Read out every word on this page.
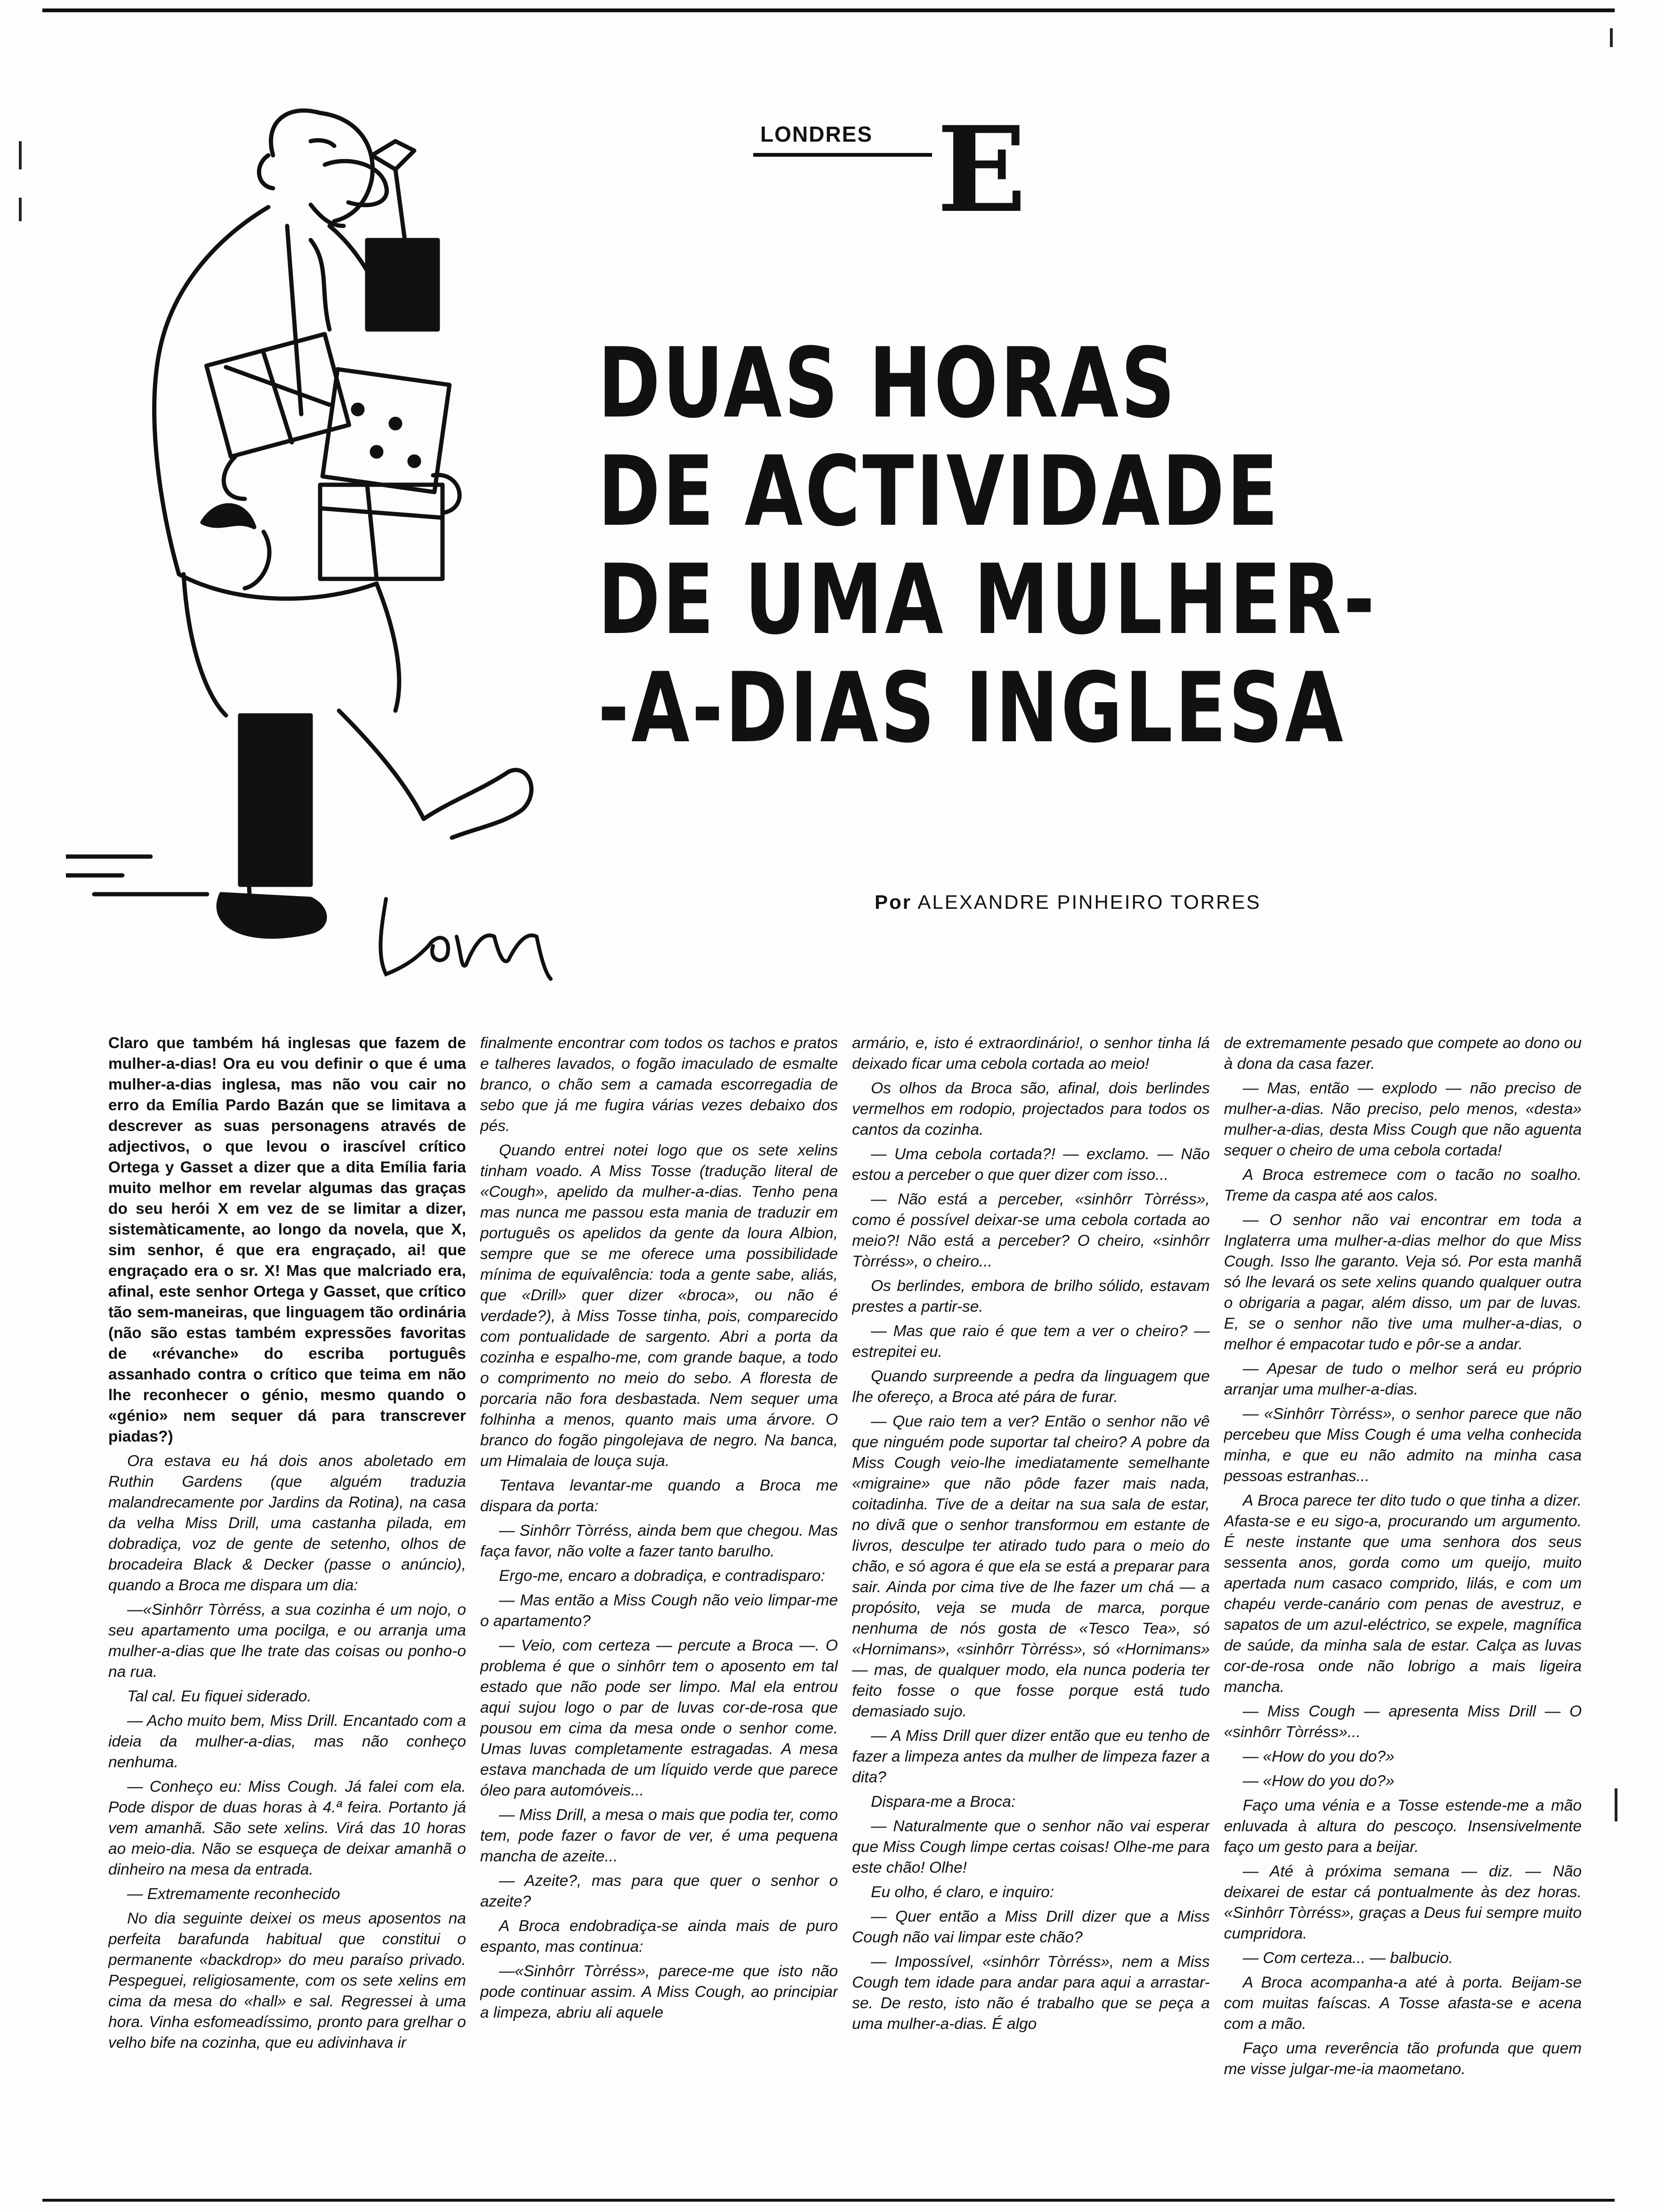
LONDRES E
DUAS HORAS
DE ACTIVIDADE
DE UMA MULHER-
-A-DIAS INGLESA
Por ALEXANDRE PINHEIRO TORRES

Claro que também há inglesas que fazem de mulher-a-dias! Ora eu vou definir o que é uma mulher-a-dias inglesa, mas não vou cair no erro da Emília Pardo Bazán que se limitava a descrever as suas personagens através de adjectivos, o que levou o irascível crítico Ortega y Gasset a dizer que a dita Emília faria muito melhor em revelar algumas das graças do seu herói X em vez de se limitar a dizer, sistemàticamente, ao longo da novela, que X, sim senhor, é que era engraçado, ai! que engraçado era o sr. X! Mas que malcriado era, afinal, este senhor Ortega y Gasset, que crítico tão sem-maneiras, que linguagem tão ordinária (não são estas também expressões favoritas de «révanche» do escriba português assanhado contra o crítico que teima em não lhe reconhecer o génio, mesmo quando o «génio» nem sequer dá para transcrever piadas?)

Ora estava eu há dois anos aboletado em Ruthin Gardens (que alguém traduzia malandrecamente por Jardins da Rotina), na casa da velha Miss Drill, uma castanha pilada, em dobradiça, voz de gente de setenho, olhos de brocadeira Black & Decker (passe o anúncio), quando a Broca me dispara um dia:

—«Sinhôrr Tòrréss, a sua cozinha é um nojo, o seu apartamento uma pocilga, e ou arranja uma mulher-a-dias que lhe trate das coisas ou ponho-o na rua.

Tal cal. Eu fiquei siderado.

— Acho muito bem, Miss Drill. Encantado com a ideia da mulher-a-dias, mas não conheço nenhuma.

— Conheço eu: Miss Cough. Já falei com ela. Pode dispor de duas horas à 4.ª feira. Portanto já vem amanhã. São sete xelins. Virá das 10 horas ao meio-dia. Não se esqueça de deixar amanhã o dinheiro na mesa da entrada.

— Extremamente reconhecido

No dia seguinte deixei os meus aposentos na perfeita barafunda habitual que constitui o permanente «backdrop» do meu paraíso privado. Pespeguei, religiosamente, com os sete xelins em cima da mesa do «hall» e sal. Regressei à uma hora. Vinha esfomeadíssimo, pronto para grelhar o velho bife na cozinha, que eu adivinhava ir

finalmente encontrar com todos os tachos e pratos e talheres lavados, o fogão imaculado de esmalte branco, o chão sem a camada escorregadia de sebo que já me fugira várias vezes debaixo dos pés.

Quando entrei notei logo que os sete xelins tinham voado. A Miss Tosse (tradução literal de «Cough», apelido da mulher-a-dias. Tenho pena mas nunca me passou esta mania de traduzir em português os apelidos da gente da loura Albion, sempre que se me oferece uma possibilidade mínima de equivalência: toda a gente sabe, aliás, que «Drill» quer dizer «broca», ou não é verdade?), à Miss Tosse tinha, pois, comparecido com pontualidade de sargento. Abri a porta da cozinha e espalho-me, com grande baque, a todo o comprimento no meio do sebo. A floresta de porcaria não fora desbastada. Nem sequer uma folhinha a menos, quanto mais uma árvore. O branco do fogão pingolejava de negro. Na banca, um Himalaia de louça suja.

Tentava levantar-me quando a Broca me dispara da porta:

— Sinhôrr Tòrréss, ainda bem que chegou. Mas faça favor, não volte a fazer tanto barulho.

Ergo-me, encaro a dobradiça, e contradisparo:

— Mas então a Miss Cough não veio limpar-me o apartamento?

— Veio, com certeza — percute a Broca —. O problema é que o sinhôrr tem o aposento em tal estado que não pode ser limpo. Mal ela entrou aqui sujou logo o par de luvas cor-de-rosa que pousou em cima da mesa onde o senhor come. Umas luvas completamente estragadas. A mesa estava manchada de um líquido verde que parece óleo para automóveis...

— Miss Drill, a mesa o mais que podia ter, como tem, pode fazer o favor de ver, é uma pequena mancha de azeite...

— Azeite?, mas para que quer o senhor o azeite?

A Broca endobradiçа-se ainda mais de puro espanto, mas continua:

—«Sinhôrr Tòrréss», parece-me que isto não pode continuar assim. A Miss Cough, ao principiar a limpeza, abriu ali aquele

armário, e, isto é extraordinário!, o senhor tinha lá deixado ficar uma cebola cortada ao meio!

Os olhos da Broca são, afinal, dois berlindes vermelhos em rodopio, projectados para todos os cantos da cozinha.

— Uma cebola cortada?! — exclamo. — Não estou a perceber o que quer dizer com isso...

— Não está a perceber, «sinhôrr Tòrréss», como é possível deixar-se uma cebola cortada ao meio?! Não está a perceber? O cheiro, «sinhôrr Tòrréss», o cheiro...

Os berlindes, embora de brilho sólido, estavam prestes a partir-se.

— Mas que raio é que tem a ver o cheiro? — estrepitei eu.

Quando surpreende a pedra da linguagem que lhe ofereço, a Broca até pára de furar.

— Que raio tem a ver? Então o senhor não vê que ninguém pode suportar tal cheiro? A pobre da Miss Cough veio-lhe imediatamente semelhante «migraine» que não pôde fazer mais nada, coitadinha. Tive de a deitar na sua sala de estar, no divã que o senhor transformou em estante de livros, desculpe ter atirado tudo para o meio do chão, e só agora é que ela se está a preparar para sair. Ainda por cima tive de lhe fazer um chá — a propósito, veja se muda de marca, porque nenhuma de nós gosta de «Tesco Tea», só «Hornimans», «sinhôrr Tòrréss», só «Hornimans» — mas, de qualquer modo, ela nunca poderia ter feito fosse o que fosse porque está tudo demasiado sujo.

— A Miss Drill quer dizer então que eu tenho de fazer a limpeza antes da mulher de limpeza fazer a dita?

Dispara-me a Broca:

— Naturalmente que o senhor não vai esperar que Miss Cough limpe certas coisas! Olhe-me para este chão! Olhe!

Eu olho, é claro, e inquiro:

— Quer então a Miss Drill dizer que a Miss Cough não vai limpar este chão?

— Impossível, «sinhôrr Tòrréss», nem a Miss Cough tem idade para andar para aqui a arrastar-se. De resto, isto não é trabalho que se peça a uma mulher-a-dias. É algo

de extremamente pesado que compete ao dono ou à dona da casa fazer.

— Mas, então — explodo — não preciso de mulher-a-dias. Não preciso, pelo menos, «desta» mulher-a-dias, desta Miss Cough que não aguenta sequer o cheiro de uma cebola cortada!

A Broca estremece com o tacão no soalho. Treme da caspa até aos calos.

— O senhor não vai encontrar em toda a Inglaterra uma mulher-a-dias melhor do que Miss Cough. Isso lhe garanto. Veja só. Por esta manhã só lhe levará os sete xelins quando qualquer outra o obrigaria a pagar, além disso, um par de luvas. E, se o senhor não tive uma mulher-a-dias, o melhor é empacotar tudo e pôr-se a andar.

— Apesar de tudo o melhor será eu próprio arranjar uma mulher-a-dias.

— «Sinhôrr Tòrréss», o senhor parece que não percebeu que Miss Cough é uma velha conhecida minha, e que eu não admito na minha casa pessoas estranhas...

A Broca parece ter dito tudo o que tinha a dizer. Afasta-se e eu sigo-a, procurando um argumento. É neste instante que uma senhora dos seus sessenta anos, gorda como um queijo, muito apertada num casaco comprido, lilás, e com um chapéu verde-canário com penas de avestruz, e sapatos de um azul-eléctrico, se expele, magnífica de saúde, da minha sala de estar. Calça as luvas cor-de-rosa onde não lobrigo a mais ligeira mancha.

— Miss Cough — apresenta Miss Drill — O «sinhôrr Tòrréss»...

— «How do you do?»

— «How do you do?»

Faço uma vénia e a Tosse estende-me a mão enluvada à altura do pescoço. Insensivelmente faço um gesto para a beijar.

— Até à próxima semana — diz. — Não deixarei de estar cá pontualmente às dez horas. «Sinhôrr Tòrréss», graças a Deus fui sempre muito cumpridora.

— Com certeza... — balbucio.

A Broca acompanha-a até à porta. Beijam-se com muitas faíscas. A Tosse afasta-se e acena com a mão.

Faço uma reverência tão profunda que quem me visse julgar-me-ia maometano.
